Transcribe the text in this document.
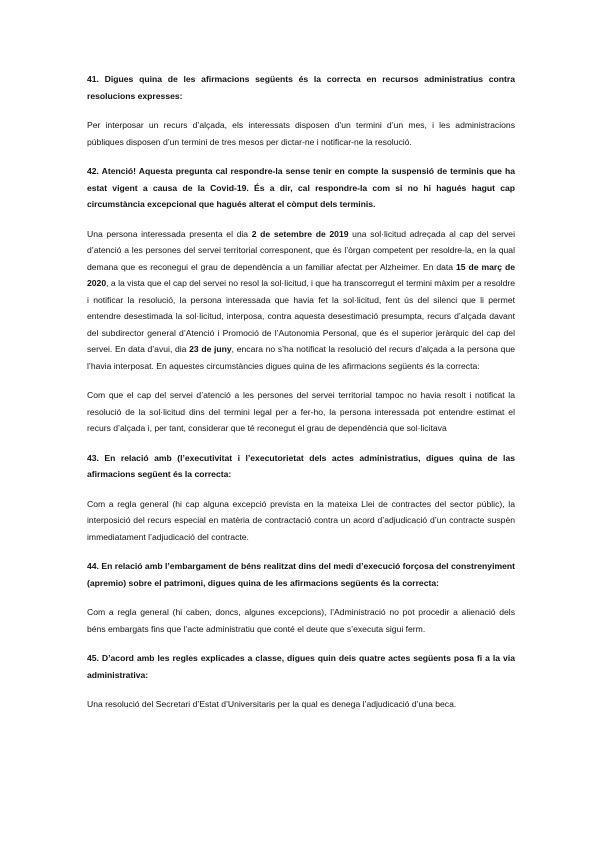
41. Digues quina de les afirmacions següents és la correcta en recursos administratius contra resolucions expresses:

Per interposar un recurs d’alçada, els interessats disposen d’un termini d’un mes, i les administracions públiques disposen d’un termini de tres mesos per dictar-ne i notificar-ne la resolució.

42. Atenció! Aquesta pregunta cal respondre-la sense tenir en compte la suspensió de terminis que ha estat vigent a causa de la Covid-19. És a dir, cal respondre-la com si no hi hagués hagut cap circumstància excepcional que hagués alterat el còmput dels terminis.

Una persona interessada presenta el dia 2 de setembre de 2019 una sol·licitud adreçada al cap del servei d’atenció a les persones del servei territorial corresponent, que és l’òrgan competent per resoldre-la, en la qual demana que es reconegui el grau de dependència a un familiar afectat per Alzheimer. En data 15 de març de 2020, a la vista que el cap del servei no resol la sol·licitud, i que ha transcorregut el termini màxim per a resoldre i notificar la resolució, la persona interessada que havia fet la sol·licitud, fent ús del silenci que li permet entendre desestimada la sol·licitud, interposa, contra aquesta desestimació presumpta, recurs d’alçada davant del subdirector general d’Atenció i Promoció de l’Autonomia Personal, que és el superior jeràrquic del cap del servei. En data d’avui, dia 23 de juny, encara no s’ha notificat la resolució del recurs d’alçada a la persona que l’havia interposat. En aquestes circumstàncies digues quina de les afirmacions següents és la correcta:

Com que el cap del servei d’atenció a les persones del servei territorial tampoc no havia resolt i notificat la resolució de la sol·licitud dins del termini legal per a fer-ho, la persona interessada pot entendre estimat el recurs d’alçada i, per tant, considerar que té reconegut el grau de dependència que sol·licitava

43. En relació amb (l’executivitat i l’executorietat dels actes administratius, digues quina de las afirmacions següent és la correcta:

Com a regla general (hi cap alguna excepció prevista en la mateixa Llei de contractes del sector públic), la interposició del recurs especial en matèria de contractació contra un acord d’adjudicació d’un contracte suspèn immediatament l’adjudicació del contracte.

44. En relació amb l’embargament de béns realitzat dins del medi d’execució forçosa del constrenyiment (apremio) sobre el patrimoni, digues quina de les afirmacions següents és la correcta:

Com a regla general (hi caben, doncs, algunes excepcions), l’Administració no pot procedir a alienació dels béns embargats fins que l’acte administratiu que conté el deute que s’executa sigui ferm.

45. D’acord amb les regles explicades a classe, digues quin deis quatre actes següents posa fi a la via administrativa:

Una resolució del Secretari d’Estat d’Universitaris per la qual es denega l’adjudicació d’una beca.
